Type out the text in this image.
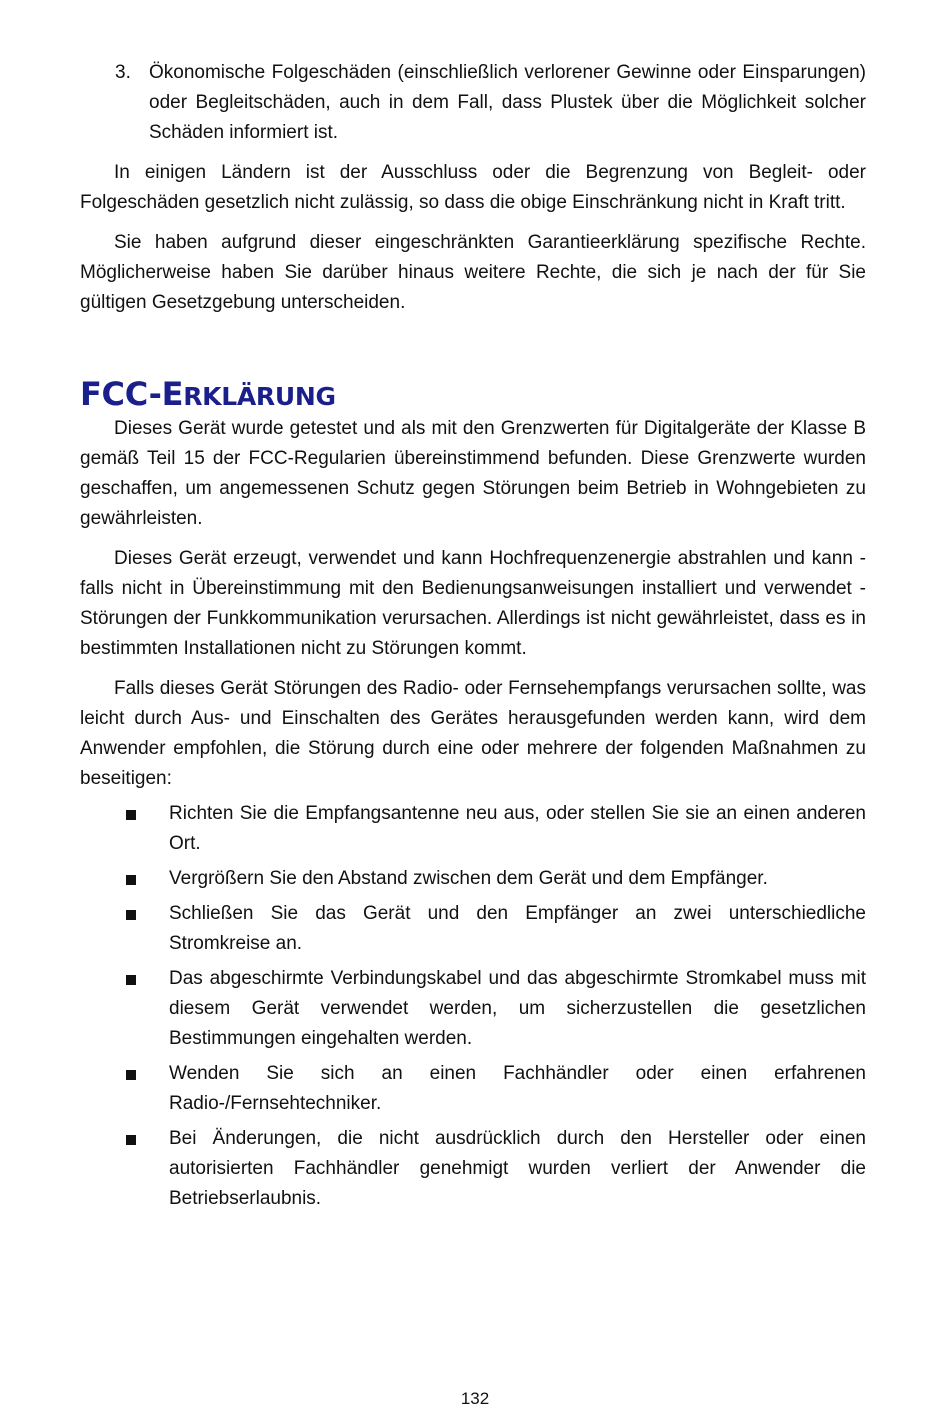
3. Ökonomische Folgeschäden (einschließlich verlorener Gewinne oder Einsparungen) oder Begleitschäden, auch in dem Fall, dass Plustek über die Möglichkeit solcher Schäden informiert ist.

In einigen Ländern ist der Ausschluss oder die Begrenzung von Begleit- oder Folgeschäden gesetzlich nicht zulässig, so dass die obige Einschränkung nicht in Kraft tritt.

Sie haben aufgrund dieser eingeschränkten Garantieerklärung spezifische Rechte. Möglicherweise haben Sie darüber hinaus weitere Rechte, die sich je nach der für Sie gültigen Gesetzgebung unterscheiden.

FCC-ERKLÄRUNG

Dieses Gerät wurde getestet und als mit den Grenzwerten für Digitalgeräte der Klasse B gemäß Teil 15 der FCC-Regularien übereinstimmend befunden. Diese Grenzwerte wurden geschaffen, um angemessenen Schutz gegen Störungen beim Betrieb in Wohngebieten zu gewährleisten.

Dieses Gerät erzeugt, verwendet und kann Hochfrequenzenergie abstrahlen und kann - falls nicht in Übereinstimmung mit den Bedienungsanweisungen installiert und verwendet - Störungen der Funkkommunikation verursachen. Allerdings ist nicht gewährleistet, dass es in bestimmten Installationen nicht zu Störungen kommt.

Falls dieses Gerät Störungen des Radio- oder Fernsehempfangs verursachen sollte, was leicht durch Aus- und Einschalten des Gerätes herausgefunden werden kann, wird dem Anwender empfohlen, die Störung durch eine oder mehrere der folgenden Maßnahmen zu beseitigen:

Richten Sie die Empfangsantenne neu aus, oder stellen Sie sie an einen anderen Ort.
Vergrößern Sie den Abstand zwischen dem Gerät und dem Empfänger.
Schließen Sie das Gerät und den Empfänger an zwei unterschiedliche Stromkreise an.
Das abgeschirmte Verbindungskabel und das abgeschirmte Stromkabel muss mit diesem Gerät verwendet werden, um sicherzustellen die gesetzlichen Bestimmungen eingehalten werden.
Wenden Sie sich an einen Fachhändler oder einen erfahrenen Radio-/Fernsehtechniker.
Bei Änderungen, die nicht ausdrücklich durch den Hersteller oder einen autorisierten Fachhändler genehmigt wurden verliert der Anwender die Betriebserlaubnis.
132
